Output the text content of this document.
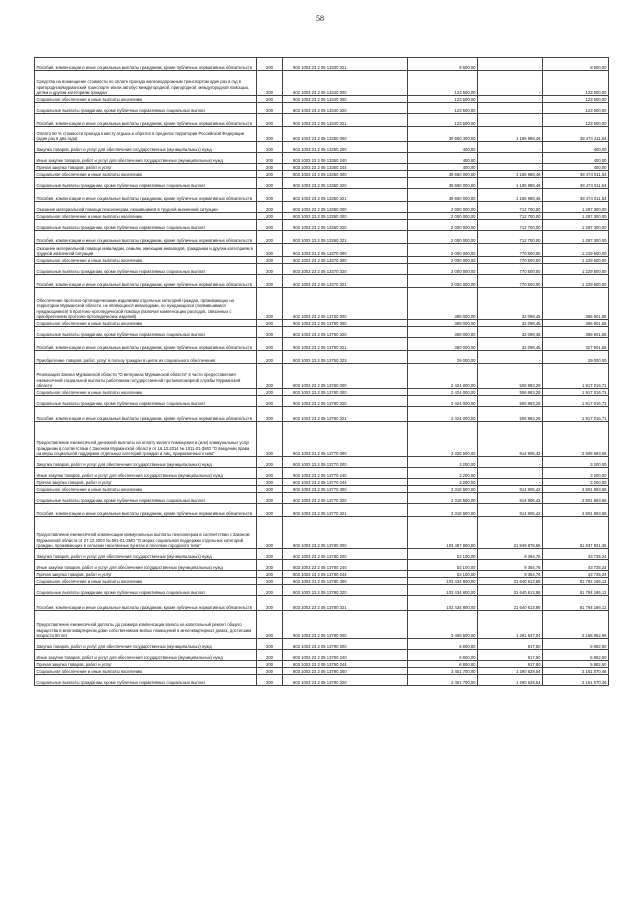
58
Пособия, компенсации и иные социальные выплаты гражданам, кроме публичных нормативных обязательств	200	803 1003 23 2 05 13330 321	8 600,00	-	8 600,00
Средства на возмещение стоимости по оплате проезда железнодорожным транспортом один раз в год в пригородном/мурманский транспорте и/или автобус междугородной, пригородной, междугородной помощью, детям и другим категориям граждан	200	803 1003 23 2 05 13340 000	123 500,00	-	123 500,00
Социальное обеспечение и иные выплаты населению	200	803 1003 23 2 05 13340 300	123 500,00	-	123 500,00
Социальные выплаты гражданам, кроме публичных нормативных социальных выплат	200	803 1003 23 2 05 13340 320	123 500,00	-	123 500,00
Пособия, компенсации и иные социальные выплаты гражданам, кроме публичных нормативных обязательств	200	803 1003 23 2 05 13340 321	123 500,00	-	123 500,00
Оплата 50 % стоимости проезда к месту отдыха и обратно в пределах территории Российской Федерации (один раз в два года)	200	803 1003 23 2 05 13350 000	39 660 400,00	1 185 988,46	38 474 411,54
Закупка товаров, работ и услуг для обеспечения государственных (муниципальных) нужд	200	803 1003 23 2 05 13350 200	400,00	-	400,00
Иные закупки товаров, работ и услуг для обеспечения государственных (муниципальных) нужд	200	803 1003 23 2 05 13350 240	400,00	-	400,00
Прочая закупка товаров, работ и услуг	200	803 1003 23 2 05 13350 244	400,00	-	400,00
Социальное обеспечение и иные выплаты населению	200	803 1003 23 2 05 13350 300	39 660 000,00	1 185 988,46	38 474 011,54
Социальные выплаты гражданам, кроме публичных нормативных социальных выплат	200	803 1003 23 2 05 13350 320	39 660 000,00	1 185 988,46	38 474 011,54
Пособия, компенсации и иные социальные выплаты гражданам, кроме публичных нормативных обязательств	200	803 1003 23 2 05 13350 321	39 660 000,00	1 185 988,46	38 474 011,54
Оказание материальной помощи пенсионерам, оказавшимся в трудной жизненной ситуации	200	803 1003 23 2 05 13360 000	2 000 000,00	712 700,00	1 287 300,00
Социальное обеспечение и иные выплаты населению	200	803 1003 23 2 05 13360 300	2 000 000,00	712 700,00	1 287 300,00
Социальные выплаты гражданам, кроме публичных нормативных социальных выплат	200	803 1003 23 2 05 13360 320	2 000 000,00	712 700,00	1 287 300,00
Пособия, компенсации и иные социальные выплаты гражданам, кроме публичных нормативных обязательств	200	803 1003 23 2 05 13360 321	2 000 000,00	712 700,00	1 287 300,00
Оказание материальной помощи инвалидам, семьям, имеющим инвалидов, гражданам и другим категориям в трудной жизненной ситуации	200	803 1003 23 2 05 13370 000	2 000 000,00	770 500,00	1 229 500,00
Социальное обеспечение и иные выплаты населению	200	803 1003 23 2 05 13370 300	2 000 000,00	770 500,00	1 229 500,00
Социальные выплаты гражданам, кроме публичных нормативных социальных выплат	200	803 1003 23 2 05 13370 320	2 000 000,00	770 500,00	1 229 500,00
Пособия, компенсации и иные социальные выплаты гражданам, кроме публичных нормативных обязательств	200	803 1003 23 2 05 13370 321	2 000 000,00	770 500,00	1 229 500,00
Обеспечение протезно-ортопедическими изделиями отдельных категорий граждан, проживающих на территории Мурманской области, не являющихся инвалидами, но нуждающихся (появившимися нуждающимися) в протезно-ортопедической помощи (включая компенсацию расходов, связанных с приобретением протезно-ортопедических изделий)	200	803 1003 23 2 05 13750 000	389 000,00	32 098,45	356 901,55
Социальное обеспечение и иные выплаты населению	200	803 1003 23 2 05 13750 300	389 000,00	32 098,45	356 901,55
Социальные выплаты гражданам, кроме публичных нормативных социальных выплат	200	803 1003 23 2 05 13750 320	389 000,00	32 098,45	356 901,55
Пособия, компенсации и иные социальные выплаты гражданам, кроме публичных нормативных обязательств	200	803 1003 23 2 05 13750 321	360 000,00	32 098,45	327 901,55
Приобретение товаров, работ, услуг в пользу граждан в целях их социального обеспечения	200	803 1003 23 2 05 13750 323	29 000,00	-	29 000,00
Реализация Закона Мурманской области "О ветеранах Мурманской области" в части предоставления ежемесячной социальной выплаты работникам государственной противопожарной службы Мурманской области	200	803 1003 23 2 05 13760 000	2 424 000,00	506 983,29	1 917 016,71
Социальное обеспечение и иные выплаты населению	200	803 1003 23 2 05 13760 300	2 424 000,00	506 983,29	1 917 016,71
Социальные выплаты гражданам, кроме публичных нормативных социальных выплат	200	803 1003 23 2 05 13760 320	2 424 000,00	506 983,29	1 917 016,71
Пособия, компенсации и иные социальные выплаты гражданам, кроме публичных нормативных обязательств	200	803 1003 23 2 05 13760 321	2 424 000,00	506 983,29	1 917 016,71
Предоставление ежемесячной денежной выплаты на оплату жилого помещения и (или) коммунальных услуг гражданам в соответствии с Законом Мурманской области от 16.12.2014 № 1811-01-ЗМО "О введении права на меры социальной поддержки отдельных категорий граждан и лиц, приравненных к ним"	200	803 1003 23 2 05 13770 000	3 326 500,00	814 906,42	2 505 593,58
Закупка товаров, работ и услуг для обеспечения государственных (муниципальных) нужд	200	803 1003 23 2 05 13770 200	3 200,00	-	3 200,00
Иные закупки товаров, работ и услуг для обеспечения государственных (муниципальных) нужд	200	803 1003 23 2 05 13770 240	3 200,00	-	3 200,00
Прочая закупка товаров, работ и услуг	200	803 1003 23 2 05 13770 244	3 200,00	-	3 200,00
Социальное обеспечение и иные выплаты населению	200	803 1003 23 2 05 13770 300	3 318 500,00	814 906,42	2 501 693,58
Социальные выплаты гражданам, кроме публичных нормативных социальных выплат	200	803 1003 23 2 05 13770 320	3 318 500,00	814 906,42	2 501 693,58
Пособия, компенсации и иные социальные выплаты гражданам, кроме публичных нормативных обязательств	200	803 1003 23 2 05 13770 321	3 318 500,00	814 906,42	2 501 693,58
Предоставление ежемесячной компенсации коммунальных выплаты пенсионерам в соответствии с Законом Мурманской области от 27.12.2004 № 581-01-ЗМО "О мерах социальной поддержки отдельных категорий граждан, проживающих в сельских населенных пунктах и поселках городского типа"	200	803 1003 23 2 05 13780 000	103 487 900,00	21 849 978,66	81 637 921,36
Закупка товаров, работ и услуг для обеспечения государственных (муниципальных) нужд	200	803 1003 23 2 05 13780 200	53 100,00	9 364,76	43 735,24
Иные закупки товаров, работ и услуг для обеспечения государственных (муниципальных) нужд	200	803 1003 23 2 05 13780 240	53 100,00	9 364,76	43 735,24
Прочая закупка товаров, работ и услуг	200	803 1003 23 2 05 13780 244	53 100,00	9 364,76	43 735,24
Социальное обеспечение и иные выплаты населению	200	803 1003 23 2 05 13780 300	103 434 800,00	21 640 613,88	81 794 186,12
Социальные выплаты гражданам, кроме публичных нормативных социальных выплат	200	803 1003 23 2 05 13780 320	103 434 800,00	21 640 613,88	81 794 186,12
Пособия, компенсации и иные социальные выплаты гражданам, кроме публичных нормативных обязательств	200	803 1003 23 2 05 13780 321	103 434 800,00	21 640 613,88	81 794 186,12
Предоставление ежемесячной доплаты до размера компенсации взноса на капитальный ремонт общего имущества в многоквартирном доме собственникам жилых помещений в многоквартирных домах, достигшим возраста 80 лет	200	803 1003 23 2 05 13790 000	3 459 500,00	1 291 547,04	2 168 952,96
Закупка товаров, работ и услуг для обеспечения государственных (муниципальных) нужд	200	803 1003 23 2 05 13790 200	6 800,00	917,50	5 882,50
Иные закупки товаров, работ и услуг для обеспечения государственных (муниципальных) нужд	200	803 1003 23 2 05 13790 240	6 800,00	917,50	5 882,50
Прочая закупка товаров, работ и услуг	200	803 1003 23 2 05 13790 244	6 800,00	917,50	5 882,50
Социальное обеспечение и иные выплаты населению	200	803 1003 23 2 05 13790 300	3 451 700,00	1 290 629,54	2 161 070,46
Социальные выплаты гражданам, кроме публичных нормативных социальных выплат	200	803 1003 23 2 05 13790 320	3 451 700,00	1 290 629,54	2 161 070,46
